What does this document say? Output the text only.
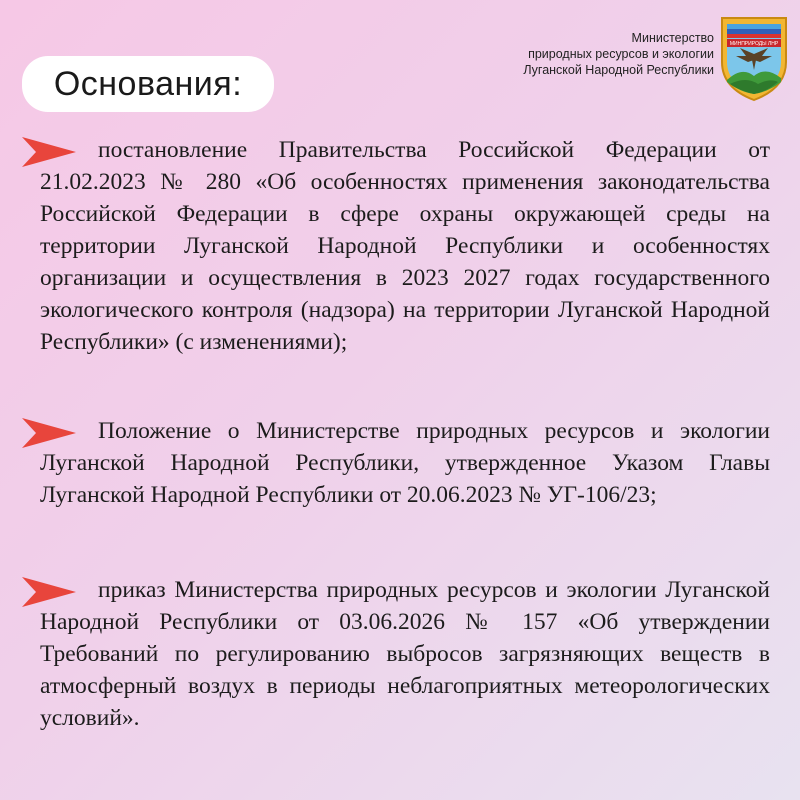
Министерство
природных ресурсов и экологии
Луганской Народной Республики
МИНПРИРОДЫ ЛНР
Основания:
постановление Правительства Российской Федерации от 21.02.2023 № 280 «Об особенностях применения законодательства Российской Федерации в сфере охраны окружающей среды на территории Луганской Народной Республики и особенностях организации и осуществления в 2023 2027 годах государственного экологического контроля (надзора) на территории Луганской Народной Республики» (с изменениями);
Положение о Министерстве природных ресурсов и экологии Луганской Народной Республики, утвержденное Указом Главы Луганской Народной Республики от 20.06.2023 № УГ-106/23;
приказ Министерства природных ресурсов и экологии Луганской Народной Республики от 03.06.2026 № 157 «Об утверждении Требований по регулированию выбросов загрязняющих веществ в атмосферный воздух в периоды неблагоприятных метеорологических условий».
